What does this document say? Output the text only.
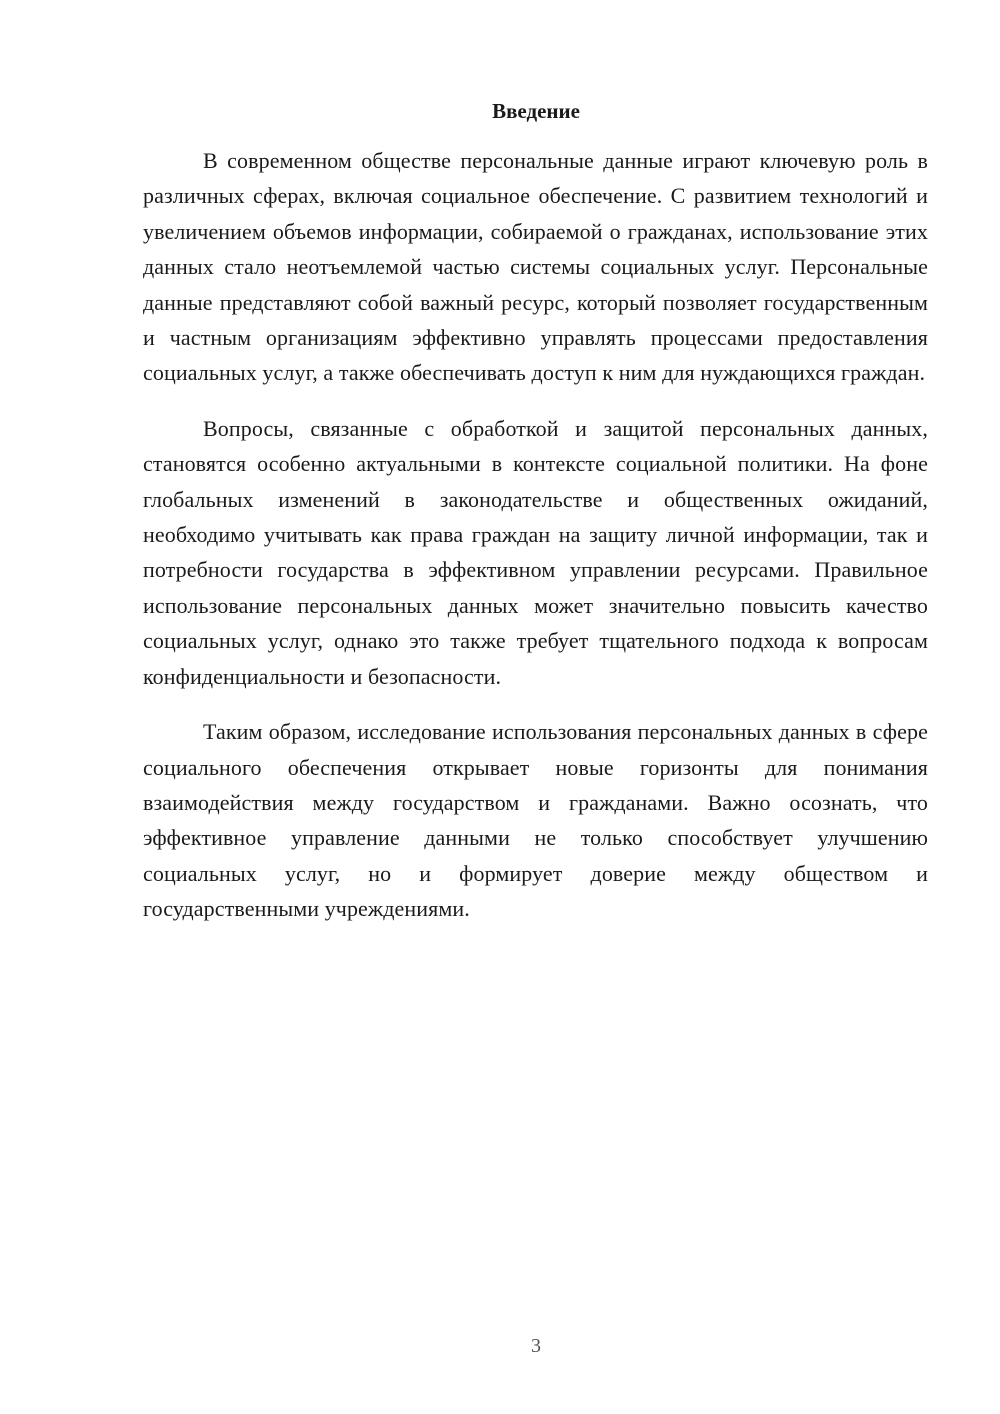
Введение

В современном обществе персональные данные играют ключевую роль в различных сферах, включая социальное обеспечение. С развитием технологий и увеличением объемов информации, собираемой о гражданах, использование этих данных стало неотъемлемой частью системы социальных услуг. Персональные данные представляют собой важный ресурс, который позволяет государственным и частным организациям эффективно управлять процессами предоставления социальных услуг, а также обеспечивать доступ к ним для нуждающихся граждан.

Вопросы, связанные с обработкой и защитой персональных данных, становятся особенно актуальными в контексте социальной политики. На фоне глобальных изменений в законодательстве и общественных ожиданий, необходимо учитывать как права граждан на защиту личной информации, так и потребности государства в эффективном управлении ресурсами. Правильное использование персональных данных может значительно повысить качество социальных услуг, однако это также требует тщательного подхода к вопросам конфиденциальности и безопасности.

Таким образом, исследование использования персональных данных в сфере социального обеспечения открывает новые горизонты для понимания взаимодействия между государством и гражданами. Важно осознать, что эффективное управление данными не только способствует улучшению социальных услуг, но и формирует доверие между обществом и государственными учреждениями.

3
